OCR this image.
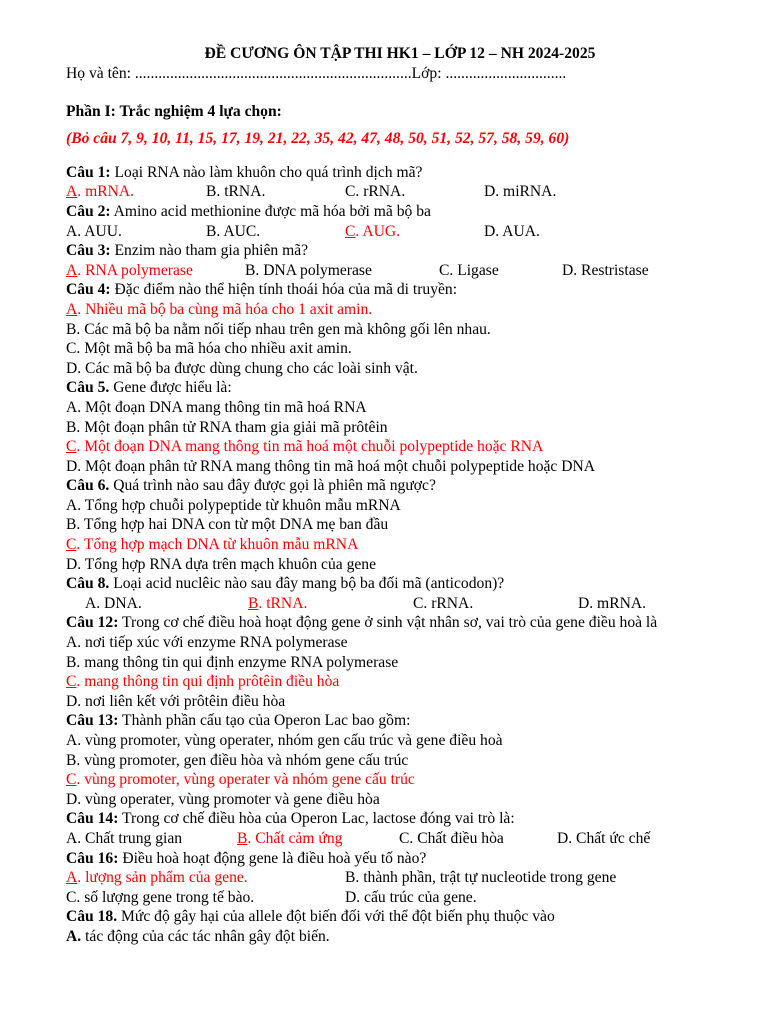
ĐỀ CƯƠNG ÔN TẬP THI HK1 – LỚP 12 – NH 2024-2025
Họ và tên: .......................................................................Lớp: ...............................
Phần I: Trắc nghiệm 4 lựa chọn:
(Bỏ câu 7, 9, 10, 11, 15, 17, 19, 21, 22, 35, 42, 47, 48, 50, 51, 52, 57, 58, 59, 60)
Câu 1: Loại RNA nào làm khuôn cho quá trình dịch mã?
A. mRNA.	B. tRNA.	C. rRNA.	D. miRNA.
Câu 2: Amino acid methionine được mã hóa bởi mã bộ ba
A. AUU.	B. AUC.	C. AUG.	D. AUA.
Câu 3: Enzim nào tham gia phiên mã?
A. RNA polymerase	B. DNA polymerase	C. Ligase	D. Restristase
Câu 4: Đặc điểm nào thể hiện tính thoái hóa của mã di truyền:
A. Nhiều mã bộ ba cùng mã hóa cho 1 axit amin.
B. Các mã bộ ba nằm nối tiếp nhau trên gen mà không gối lên nhau.
C. Một mã bộ ba mã hóa cho nhiều axit amin.
D. Các mã bộ ba được dùng chung cho các loài sinh vật.
Câu 5. Gene được hiểu là:
A. Một đoạn DNA mang thông tin mã hoá RNA
B. Một đoạn phân tử RNA tham gia giải mã prôtêin
C. Một đoạn DNA mang thông tin mã hoá một chuỗi polypeptide hoặc RNA
D. Một đoạn phân tử RNA mang thông tin mã hoá một chuỗi polypeptide hoặc DNA
Câu 6. Quá trình nào sau đây được gọi là phiên mã ngược?
A. Tổng hợp chuỗi polypeptide từ khuôn mẫu mRNA
B. Tổng hợp hai DNA con từ một DNA mẹ ban đầu
C. Tổng hợp mạch DNA từ khuôn mẫu mRNA
D. Tổng hợp RNA dựa trên mạch khuôn của gene
Câu 8. Loại acid nuclêic nào sau đây mang bộ ba đối mã (anticodon)?
A. DNA.	B. tRNA.	C. rRNA.	D. mRNA.
Câu 12: Trong cơ chế điều hoà hoạt động gene ở sinh vật nhân sơ, vai trò của gene điều hoà là
A. nơi tiếp xúc với enzyme RNA polymerase
B. mang thông tin qui định enzyme RNA polymerase
C. mang thông tin qui định prôtêin điều hòa
D. nơi liên kết với prôtêin điều hòa
Câu 13: Thành phần cấu tạo của Operon Lac bao gồm:
A. vùng promoter, vùng operater, nhóm gen cấu trúc và gene điều hoà
B. vùng promoter, gen điều hòa và nhóm gene cấu trúc
C. vùng promoter, vùng operater và nhóm gene cấu trúc
D. vùng operater, vùng promoter và gene điều hòa
Câu 14: Trong cơ chế điều hòa của Operon Lac, lactose đóng vai trò là:
A. Chất trung gian	B. Chất cảm ứng	C. Chất điều hòa	D. Chất ức chế
Câu 16: Điều hoà hoạt động gene là điều hoà yếu tố nào?
A. lượng sản phẩm của gene.	B. thành phần, trật tự nucleotide trong gene
C. số lượng gene trong tế bào.	D. cấu trúc của gene.
Câu 18. Mức độ gây hại của allele đột biến đối với thể đột biến phụ thuộc vào
A. tác động của các tác nhân gây đột biến.
